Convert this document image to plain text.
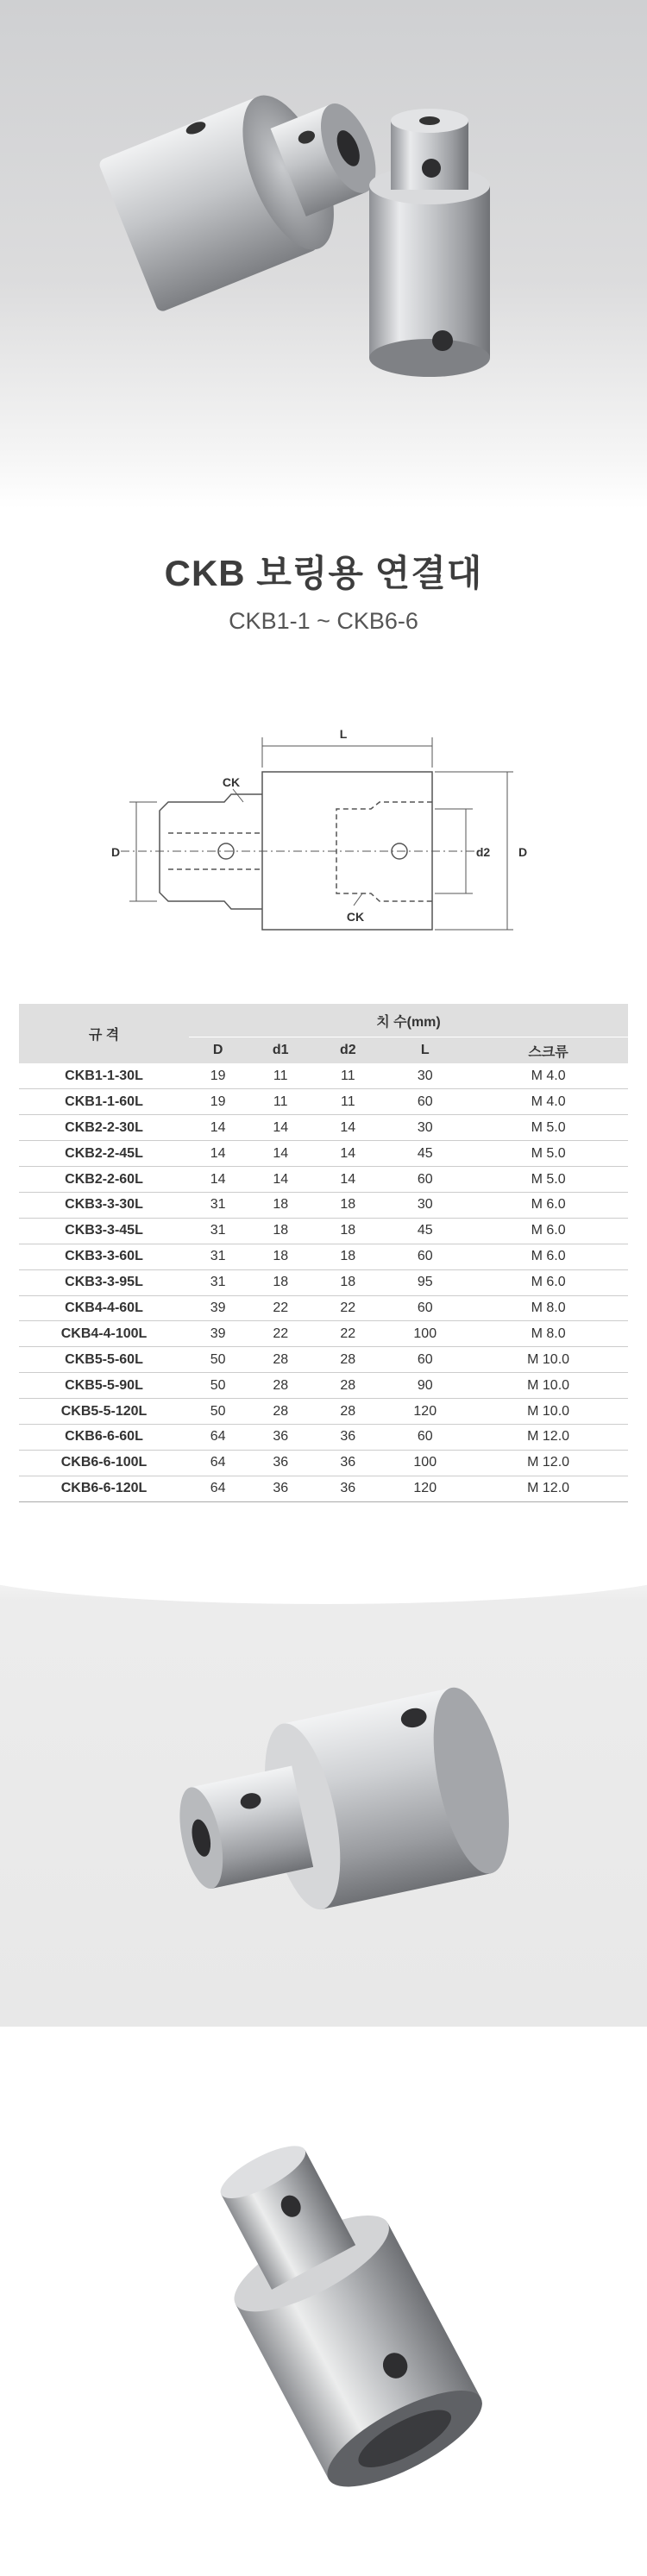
CKB 보링용 연결대
CKB1-1 ~ CKB6-6
L
CK
CK
D	d2 D
규 격	치 수(mm)				
	D	d1	d2	L	스크류
CKB1-1-30L	19	11	11	30	M 4.0
CKB1-1-60L	19	11	11	60	M 4.0
CKB2-2-30L	14	14	14	30	M 5.0
CKB2-2-45L	14	14	14	45	M 5.0
CKB2-2-60L	14	14	14	60	M 5.0
CKB3-3-30L	31	18	18	30	M 6.0
CKB3-3-45L	31	18	18	45	M 6.0
CKB3-3-60L	31	18	18	60	M 6.0
CKB3-3-95L	31	18	18	95	M 6.0
CKB4-4-60L	39	22	22	60	M 8.0
CKB4-4-100L	39	22	22	100	M 8.0
CKB5-5-60L	50	28	28	60	M 10.0
CKB5-5-90L	50	28	28	90	M 10.0
CKB5-5-120L	50	28	28	120	M 10.0
CKB6-6-60L	64	36	36	60	M 12.0
CKB6-6-100L	64	36	36	100	M 12.0
CKB6-6-120L	64	36	36	120	M 12.0
